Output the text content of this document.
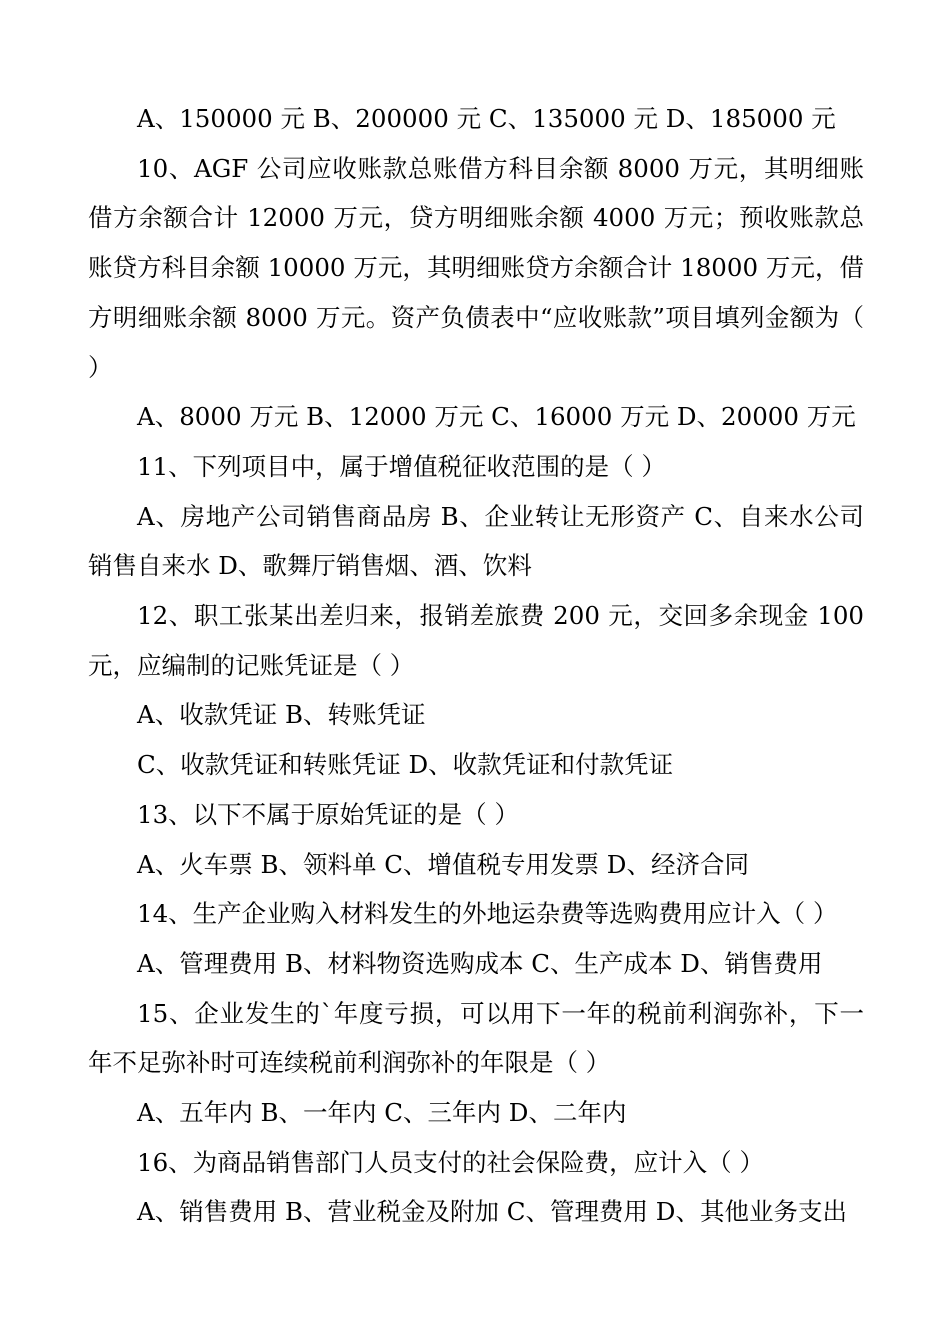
A、150000 元 B、200000 元 C、135000 元 D、185000 元

10、AGF 公司应收账款总账借方科目余额 8000 万元，其明细账借方余额合计 12000 万元，贷方明细账余额 4000 万元；预收账款总账贷方科目余额 10000 万元，其明细账贷方余额合计 18000 万元，借方明细账余额 8000 万元。资产负债表中“应收账款”项目填列金额为（ ）

A、8000 万元 B、12000 万元 C、16000 万元 D、20000 万元

11、下列项目中，属于增值税征收范围的是（ ）

A、房地产公司销售商品房 B、企业转让无形资产 C、自来水公司销售自来水 D、歌舞厅销售烟、酒、饮料

12、职工张某出差归来，报销差旅费 200 元，交回多余现金 100 元，应编制的记账凭证是（ ）

A、收款凭证 B、转账凭证

C、收款凭证和转账凭证 D、收款凭证和付款凭证

13、以下不属于原始凭证的是（ ）

A、火车票 B、领料单 C、增值税专用发票 D、经济合同

14、生产企业购入材料发生的外地运杂费等选购费用应计入（ ）

A、管理费用 B、材料物资选购成本 C、生产成本 D、销售费用

15、企业发生的`年度亏损，可以用下一年的税前利润弥补，下一年不足弥补时可连续税前利润弥补的年限是（ ）

A、五年内 B、一年内 C、三年内 D、二年内

16、为商品销售部门人员支付的社会保险费，应计入（ ）

A、销售费用 B、营业税金及附加 C、管理费用 D、其他业务支出
